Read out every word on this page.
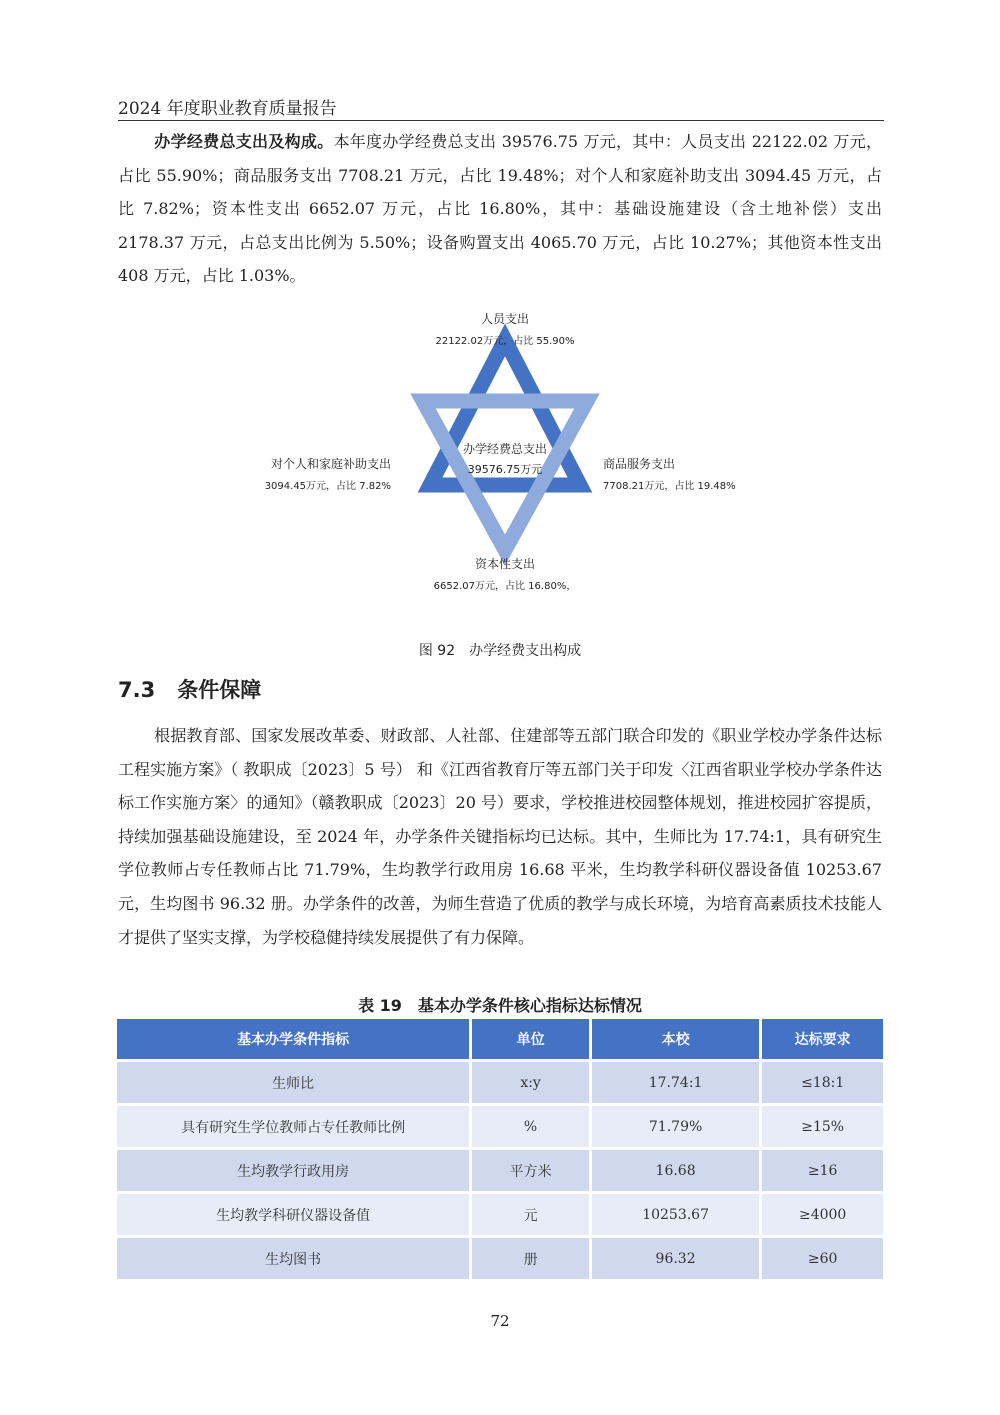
2024 年度职业教育质量报告

办学经费总支出及构成。本年度办学经费总支出 39576.75 万元，其中：人员支出 22122.02 万元，占比 55.90%；商品服务支出 7708.21 万元，占比 19.48%；对个人和家庭补助支出 3094.45 万元，占比 7.82%；资本性支出 6652.07 万元，占比 16.80%，其中：基础设施建设（含土地补偿）支出 2178.37 万元，占总支出比例为 5.50%；设备购置支出 4065.70 万元，占比 10.27%；其他资本性支出 408 万元，占比 1.03%。

办学经费总支出
39576.75万元
人员支出
22122.02万元，占比 55.90%
商品服务支出
7708.21万元，占比 19.48%
资本性支出
6652.07万元，占比 16.80%，
对个人和家庭补助支出
3094.45万元，占比 7.82%
图 92　办学经费支出构成
7.3 条件保障

根据教育部、国家发展改革委、财政部、人社部、住建部等五部门联合印发的《职业学校办学条件达标工程实施方案》（ 教职成〔2023〕5 号） 和《江西省教育厅等五部门关于印发〈江西省职业学校办学条件达标工作实施方案〉的通知》（赣教职成〔2023〕20 号）要求，学校推进校园整体规划，推进校园扩容提质，持续加强基础设施建设，至 2024 年，办学条件关键指标均已达标。其中，生师比为 17.74:1，具有研究生学位教师占专任教师占比 71.79%，生均教学行政用房 16.68 平米，生均教学科研仪器设备值 10253.67 元，生均图书 96.32 册。办学条件的改善，为师生营造了优质的教学与成长环境，为培育高素质技术技能人才提供了坚实支撑，为学校稳健持续发展提供了有力保障。

表 19　基本办学条件核心指标达标情况
基本办学条件指标	单位	本校	达标要求
生师比	x:y	17.74:1	≤18:1
具有研究生学位教师占专任教师比例	%	71.79%	≥15%
生均教学行政用房	平方米	16.68	≥16
生均教学科研仪器设备值	元	10253.67	≥4000
生均图书	册	96.32	≥60
72
